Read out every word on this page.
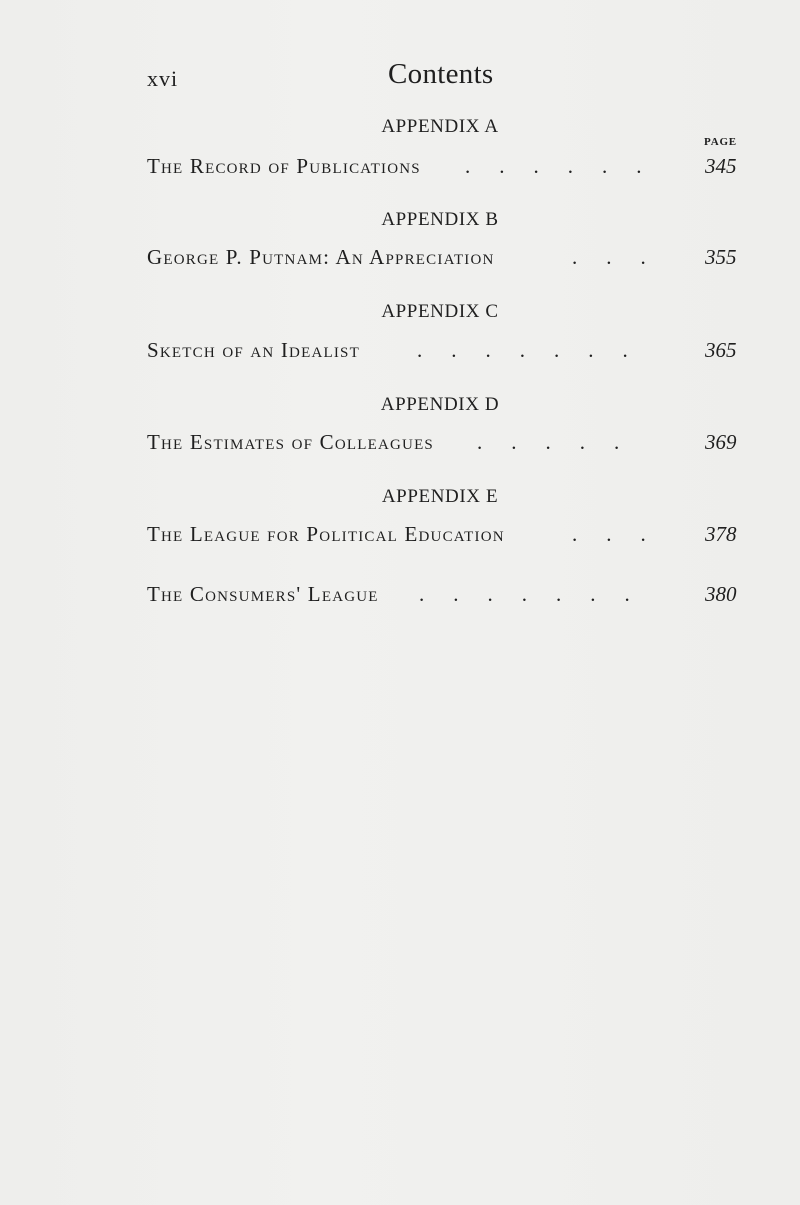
xvi	Contents
APPENDIX A
PAGE
The Record of Publications ...... 345
APPENDIX B
George P. Putnam: An Appreciation	355
...
APPENDIX C
Sketch of an Idealist	....... 365
APPENDIX D
The Estimates of Colleagues .....	369
APPENDIX E
The League for Political Education	... 378
The Consumers' League ....... 380
